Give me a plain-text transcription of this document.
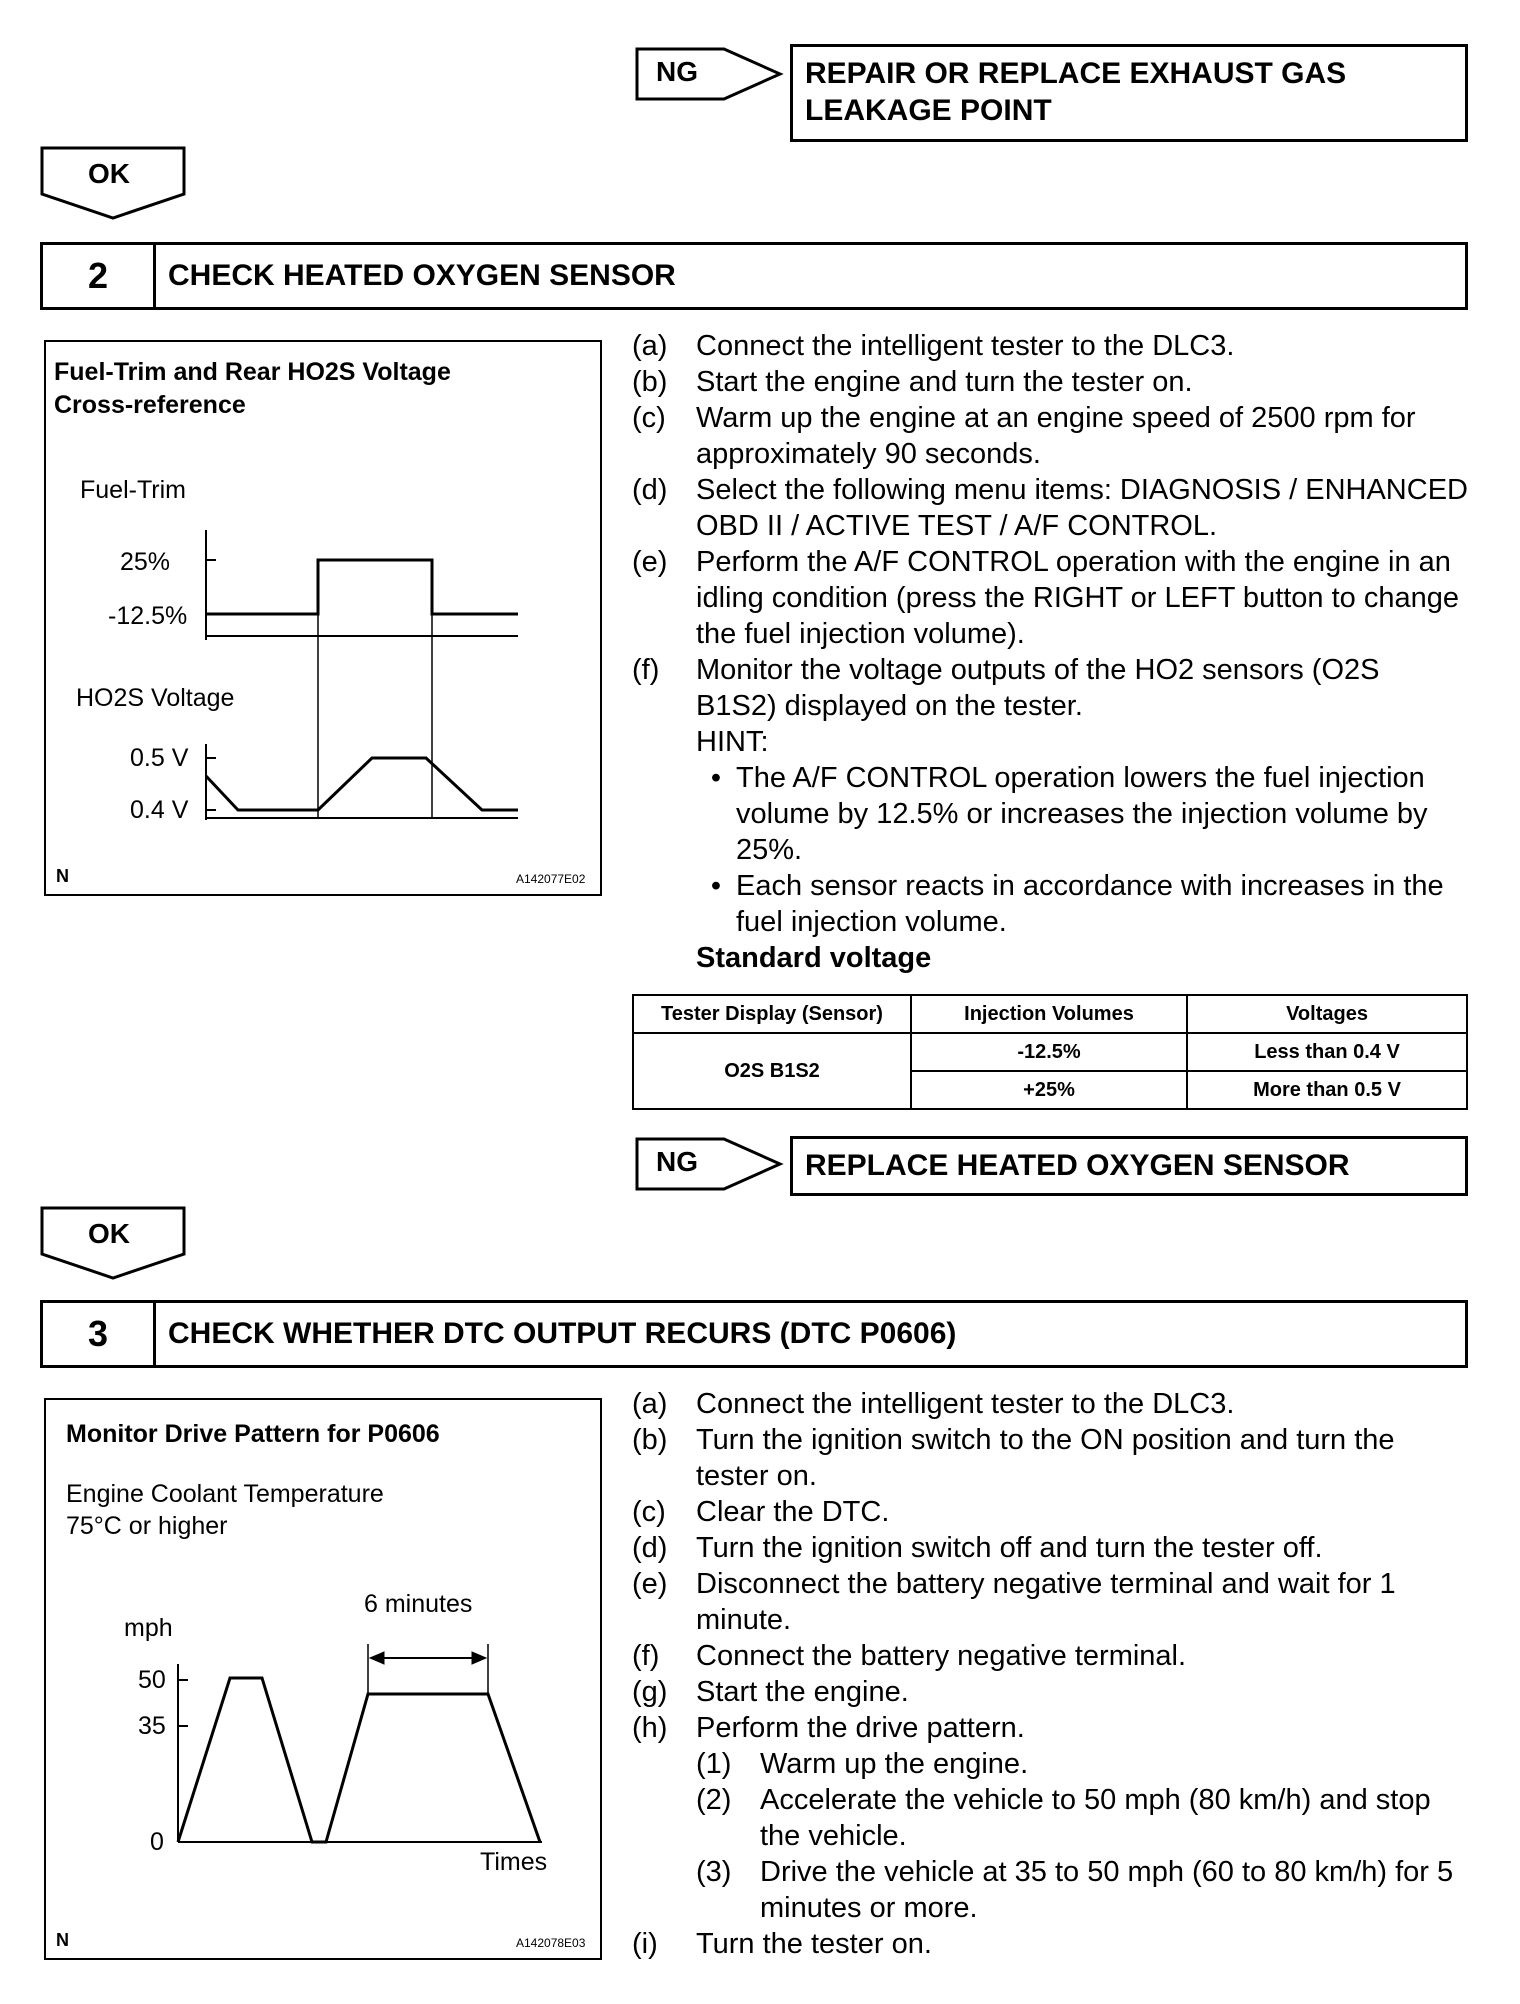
NG	REPAIR OR REPLACE EXHAUST GAS LEAKAGE POINT
OK
2	CHECK HEATED OXYGEN SENSOR
Fuel-Trim and Rear HO2S Voltage
Cross-reference
Fuel-Trim
25%
-12.5%
HO2S Voltage
0.5 V
0.4 V
N	A142077E02
(a) Connect the intelligent tester to the DLC3.
(b) Start the engine and turn the tester on.
(c)	Warm up the engine at an engine speed of 2500 rpm for approximately 90 seconds.
(d) Select the following menu items: DIAGNOSIS / ENHANCED OBD II / ACTIVE TEST / A/F CONTROL.
(e) Perform the A/F CONTROL operation with the engine in an idling condition (press the RIGHT or LEFT button to change the fuel injection volume).
(f)	Monitor the voltage outputs of the HO2 sensors (O2S B1S2) displayed on the tester.
HINT:
• The A/F CONTROL operation lowers the fuel injection volume by 12.5% or increases the injection volume by 25%.
• Each sensor reacts in accordance with increases in the fuel injection volume.
Standard voltage
Tester Display (Sensor)	Injection Volumes	Voltages
O2S B1S2	-12.5%	Less than 0.4 V
	+25%	More than 0.5 V
NG	REPLACE HEATED OXYGEN SENSOR
OK
3	CHECK WHETHER DTC OUTPUT RECURS (DTC P0606)
Monitor Drive Pattern for P0606
Engine Coolant Temperature
75°C or higher
6 minutes
mph
50
35
0
Times
N	A142078E03
(a) Connect the intelligent tester to the DLC3.
(b) Turn the ignition switch to the ON position and turn the tester on.
(c)	Clear the DTC.
(d) Turn the ignition switch off and turn the tester off.
(e) Disconnect the battery negative terminal and wait for 1 minute.
(f)	Connect the battery negative terminal.
(g) Start the engine.
(h) Perform the drive pattern.
(1) Warm up the engine.
(2) Accelerate the vehicle to 50 mph (80 km/h) and stop the vehicle.
(3) Drive the vehicle at 35 to 50 mph (60 to 80 km/h) for 5 minutes or more.
(i)	Turn the tester on.
